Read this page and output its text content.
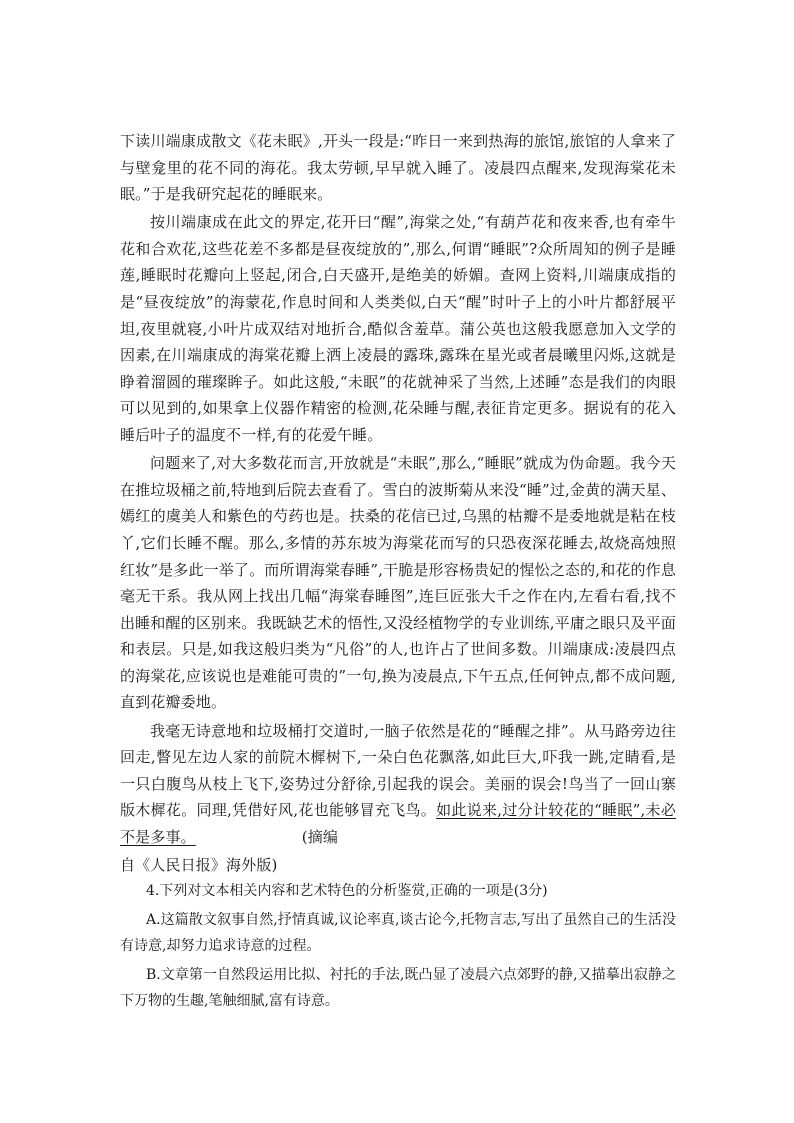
下读川端康成散文《花未眠》,开头一段是:“昨日一来到热海的旅馆,旅馆的人拿来了与壁龛里的花不同的海花。我太劳顿,早早就入睡了。凌晨四点醒来,发现海棠花未眠。”于是我研究起花的睡眠来。

按川端康成在此文的界定,花开曰“醒”,海棠之处,“有葫芦花和夜来香,也有牵牛花和合欢花,这些花差不多都是昼夜绽放的”,那么,何谓“睡眠”?众所周知的例子是睡莲,睡眠时花瓣向上竖起,闭合,白天盛开,是绝美的娇媚。查网上资料,川端康成指的是“昼夜绽放”的海蒙花,作息时间和人类类似,白天“醒”时叶子上的小叶片都舒展平坦,夜里就寝,小叶片成双结对地折合,酷似含羞草。蒲公英也这般我愿意加入文学的因素,在川端康成的海棠花瓣上洒上凌晨的露珠,露珠在星光或者晨曦里闪烁,这就是睁着溜圆的璀璨眸子。如此这般,“未眠”的花就神采了当然,上述睡”态是我们的肉眼可以见到的,如果拿上仪器作精密的检测,花朵睡与醒,表征肯定更多。据说有的花入睡后叶子的温度不一样,有的花爱午睡。

问题来了,对大多数花而言,开放就是“未眠”,那么,“睡眠”就成为伪命题。我今天在推垃圾桶之前,特地到后院去查看了。雪白的波斯菊从来没“睡”过,金黄的满天星、嫣红的虞美人和紫色的芍药也是。扶桑的花信已过,乌黑的枯瓣不是委地就是粘在枝丫,它们长睡不醒。那么,多情的苏东坡为海棠花而写的只恐夜深花睡去,故烧高烛照红妆”是多此一举了。而所谓海棠春睡”,干脆是形容杨贵妃的惺忪之态的,和花的作息毫无干系。我从网上找出几幅“海棠春睡图”,连巨匠张大千之作在内,左看右看,找不出睡和醒的区别来。我既缺艺术的悟性,又没经植物学的专业训练,平庸之眼只及平面和表层。只是,如我这般归类为“凡俗”的人,也许占了世间多数。川端康成:凌晨四点的海棠花,应该说也是难能可贵的”一句,换为凌晨点,下午五点,任何钟点,都不成问题,直到花瓣委地。

我毫无诗意地和垃圾桶打交道时,一脑子依然是花的“睡醒之排”。从马路旁边往回走,瞥见左边人家的前院木樨树下,一朵白色花飘落,如此巨大,吓我一跳,定睛看,是一只白腹鸟从枝上飞下,姿势过分舒徐,引起我的误会。美丽的误会!鸟当了一回山寨版木樨花。同理,凭借好风,花也能够冒充飞鸟。如此说来,过分计较花的“睡眠”,未必不是多事。	(摘编

自《人民日报》海外版)

4.下列对文本相关内容和艺术特色的分析鉴赏,正确的一项是(3分)

A.这篇散文叙事自然,抒情真诚,议论率真,谈古论今,托物言志,写出了虽然自己的生活没有诗意,却努力追求诗意的过程。

B.文章第一自然段运用比拟、衬托的手法,既凸显了凌晨六点郊野的静,又描摹出寂静之下万物的生趣,笔触细腻,富有诗意。
